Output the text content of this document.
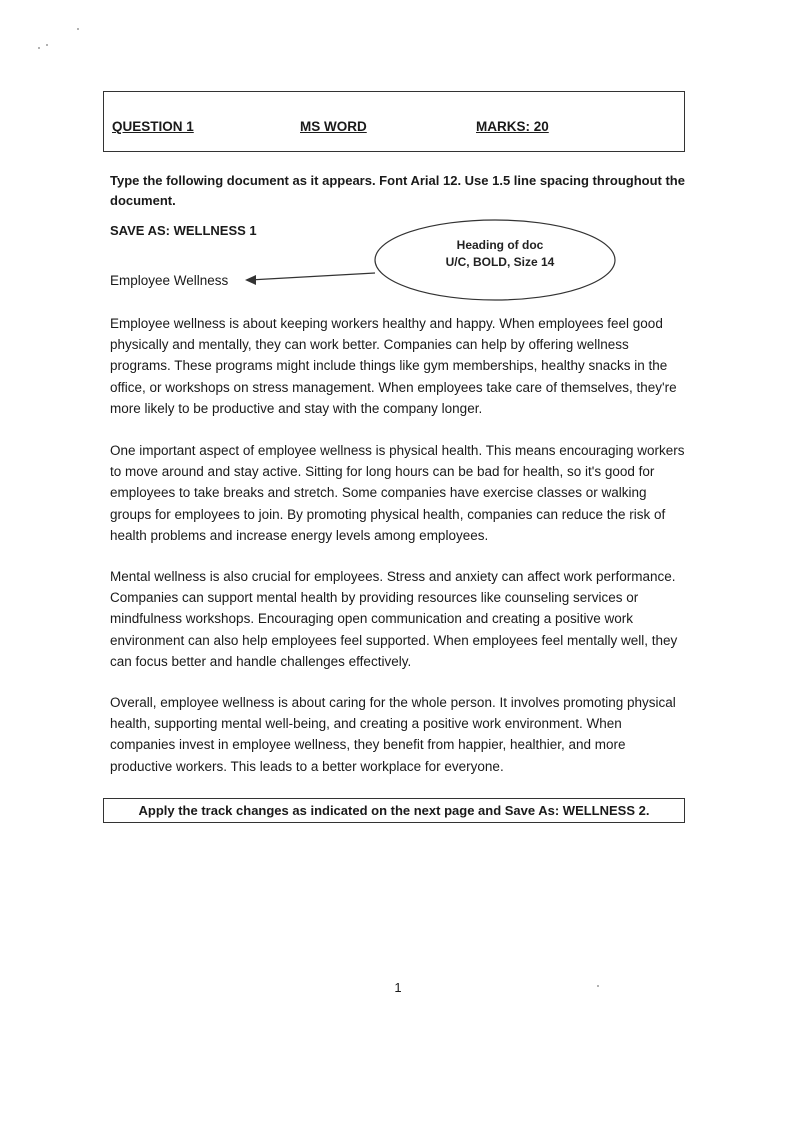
QUESTION 1	MS WORD	MARKS: 20
Type the following document as it appears. Font Arial 12. Use 1.5 line spacing throughout the document.
SAVE AS: WELLNESS 1
Heading of doc
U/C, BOLD, Size 14
Employee Wellness

Employee wellness is about keeping workers healthy and happy. When employees feel good physically and mentally, they can work better. Companies can help by offering wellness programs. These programs might include things like gym memberships, healthy snacks in the office, or workshops on stress management. When employees take care of themselves, they're more likely to be productive and stay with the company longer.

One important aspect of employee wellness is physical health. This means encouraging workers to move around and stay active. Sitting for long hours can be bad for health, so it's good for employees to take breaks and stretch. Some companies have exercise classes or walking groups for employees to join. By promoting physical health, companies can reduce the risk of health problems and increase energy levels among employees.

Mental wellness is also crucial for employees. Stress and anxiety can affect work performance. Companies can support mental health by providing resources like counseling services or mindfulness workshops. Encouraging open communication and creating a positive work environment can also help employees feel supported. When employees feel mentally well, they can focus better and handle challenges effectively.

Overall, employee wellness is about caring for the whole person. It involves promoting physical health, supporting mental well-being, and creating a positive work environment. When companies invest in employee wellness, they benefit from happier, healthier, and more productive workers. This leads to a better workplace for everyone.

Apply the track changes as indicated on the next page and Save As: WELLNESS 2.
1
